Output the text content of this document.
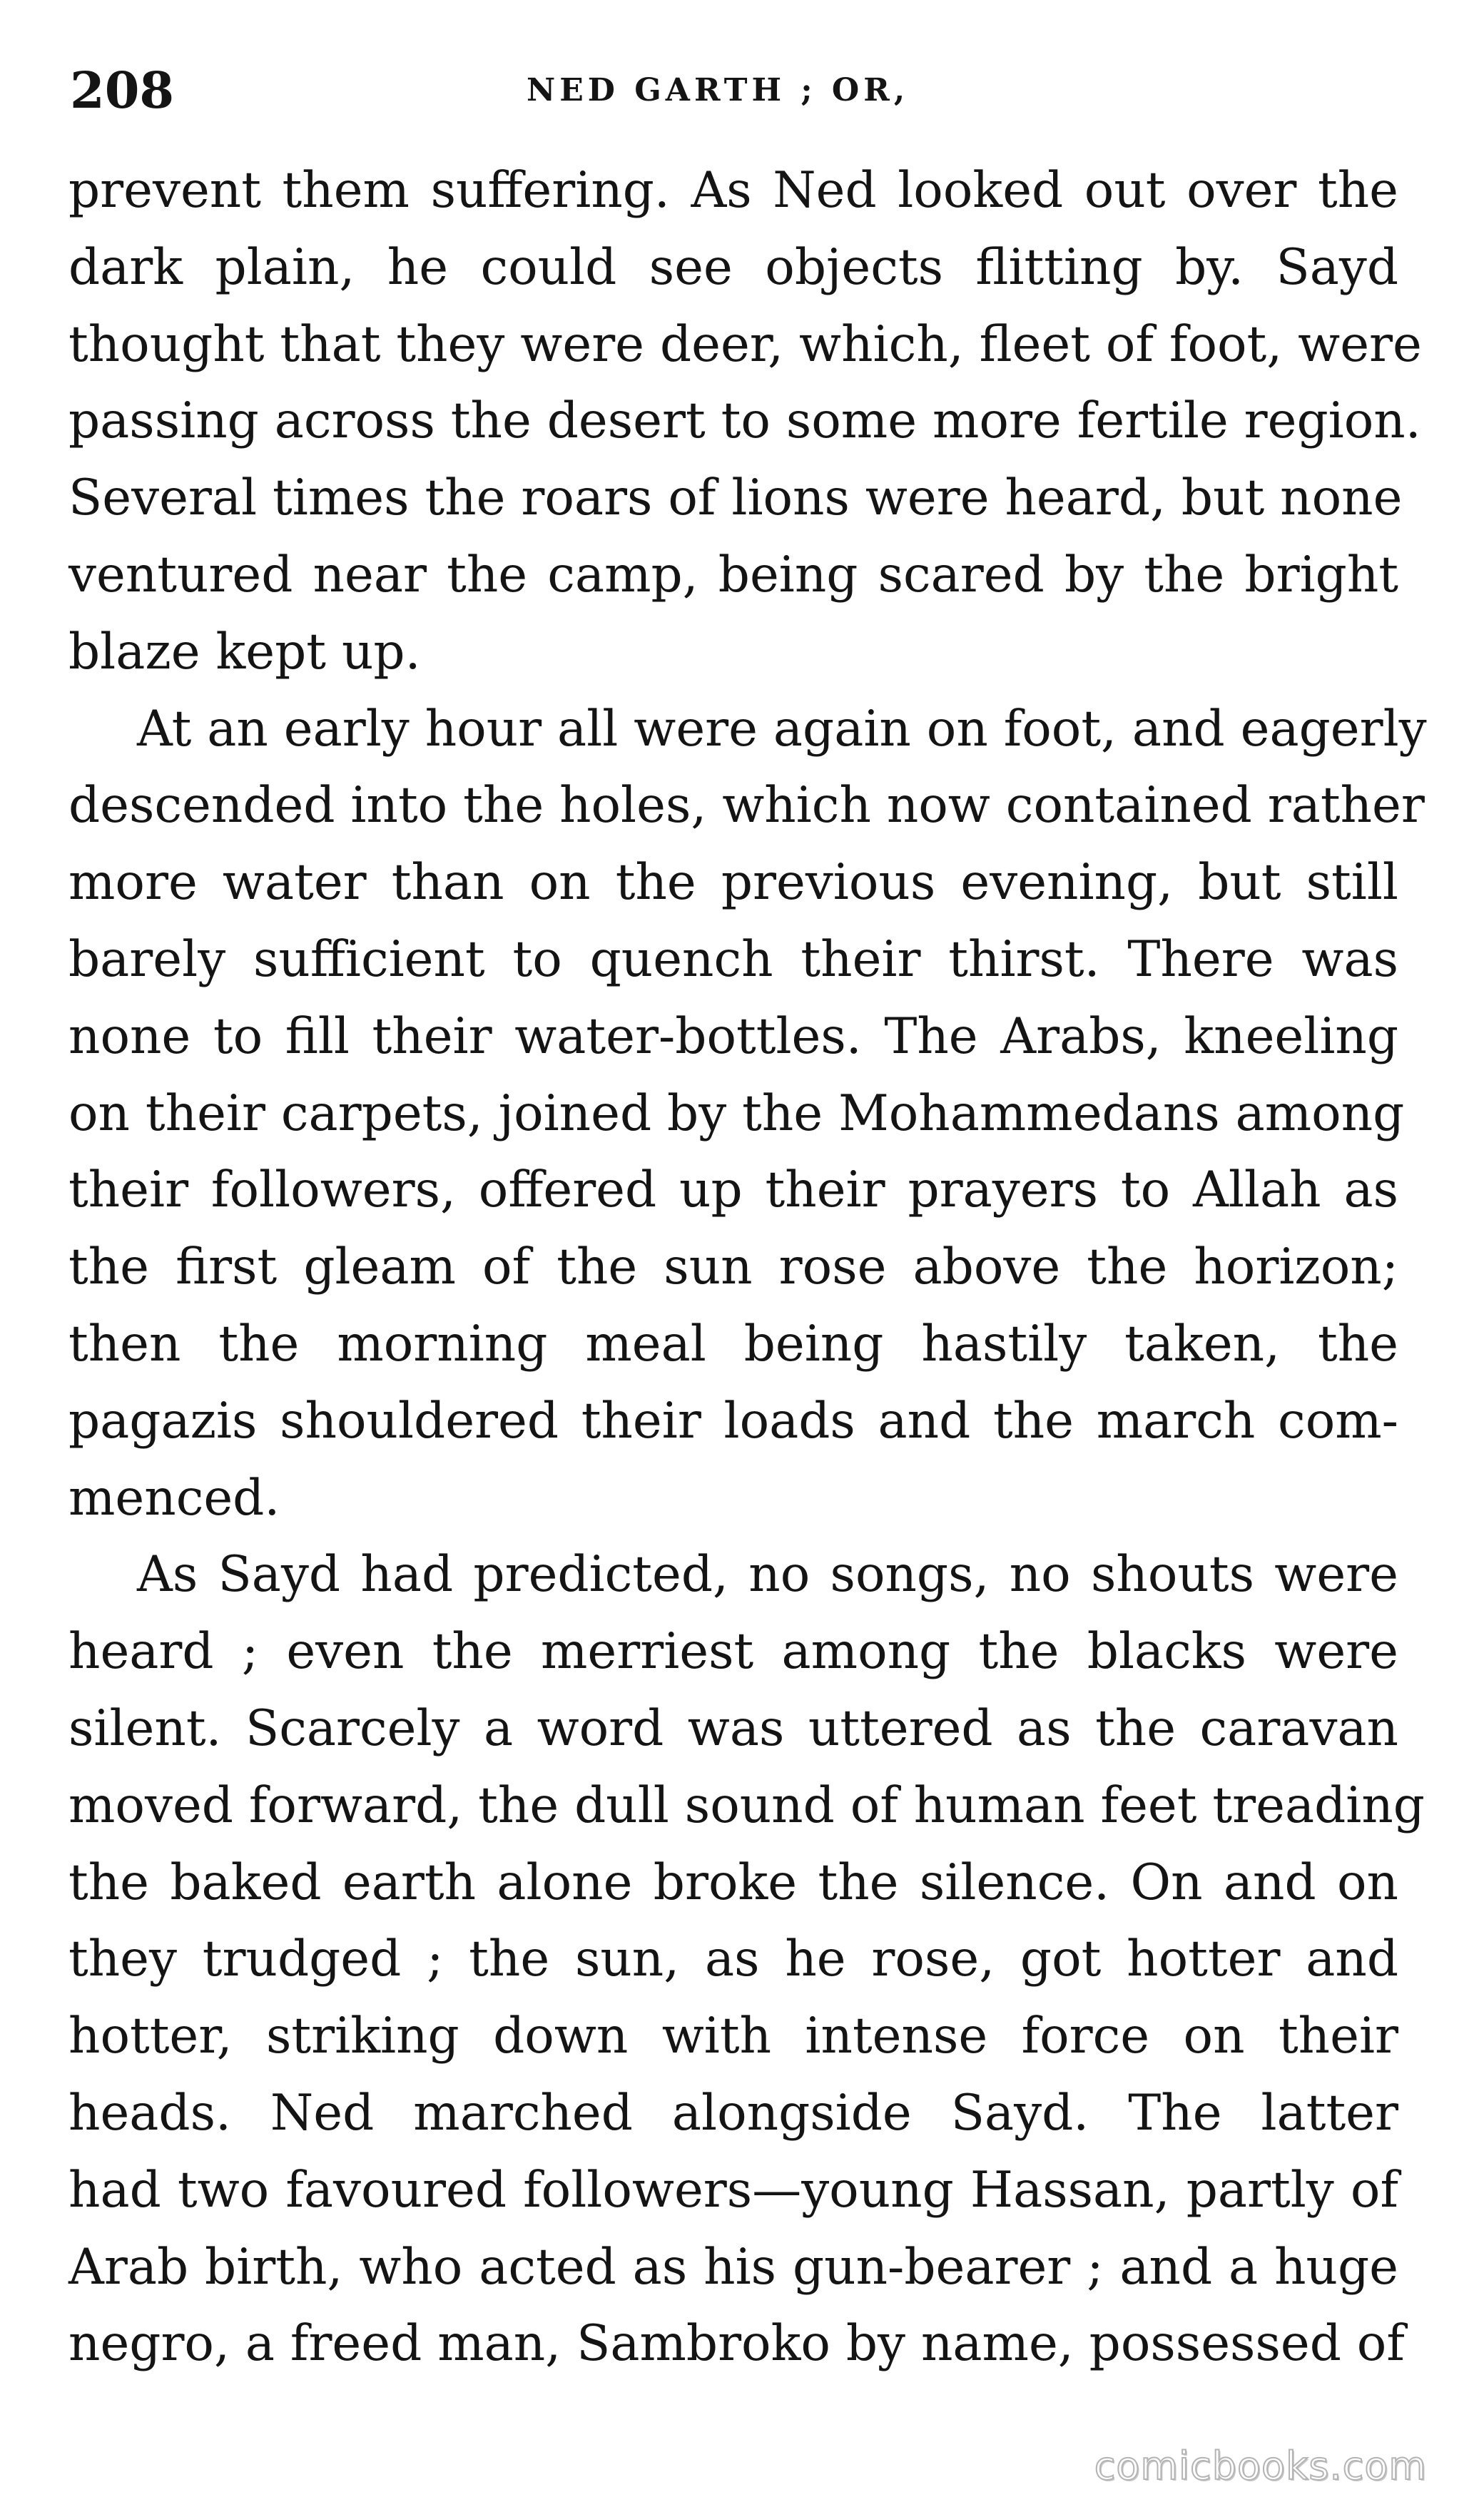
208	NED GARTH ; OR,

prevent them suffering. As Ned looked out over the
dark plain, he could see objects flitting by. Sayd
thought that they were deer, which, fleet of foot, were
passing across the desert to some more fertile region.
Several times the roars of lions were heard, but none
ventured near the camp, being scared by the bright
blaze kept up.

At an early hour all were again on foot, and eagerly
descended into the holes, which now contained rather
more water than on the previous evening, but still
barely sufficient to quench their thirst. There was
none to fill their water-bottles. The Arabs, kneeling
on their carpets, joined by the Mohammedans among
their followers, offered up their prayers to Allah as
the first gleam of the sun rose above the horizon;
then the morning meal being hastily taken, the
pagazis shouldered their loads and the march com-
menced.

As Sayd had predicted, no songs, no shouts were
heard ; even the merriest among the blacks were
silent. Scarcely a word was uttered as the caravan
moved forward, the dull sound of human feet treading
the baked earth alone broke the silence. On and on
they trudged ; the sun, as he rose, got hotter and
hotter, striking down with intense force on their
heads. Ned marched alongside Sayd. The latter
had two favoured followers—young Hassan, partly of
Arab birth, who acted as his gun-bearer ; and a huge
negro, a freed man, Sambroko by name, possessed of

comicbooks.com
